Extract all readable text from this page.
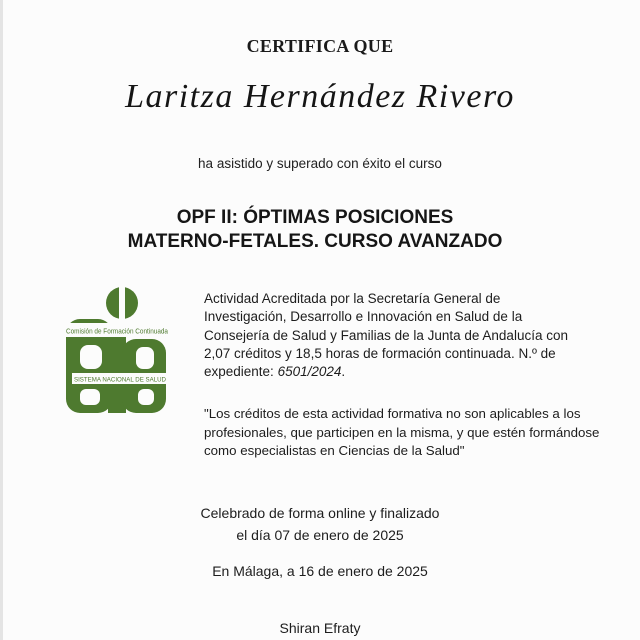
CERTIFICA QUE
Laritza Hernández Rivero
ha asistido y superado con éxito el curso
OPF II: ÓPTIMAS POSICIONES
MATERNO-FETALES. CURSO AVANZADO
Comisión de Formación Continuada
SISTEMA NACIONAL DE SALUD
Actividad Acreditada por la Secretaría General de Investigación, Desarrollo e Innovación en Salud de la Consejería de Salud y Familias de la Junta de Andalucía con 2,07 créditos y 18,5 horas de formación continuada. N.º de expediente: 6501/2024.
"Los créditos de esta actividad formativa no son aplicables a los profesionales, que participen en la misma, y que estén formándose como especialistas en Ciencias de la Salud"
Celebrado de forma online y finalizado
el día 07 de enero de 2025
En Málaga, a 16 de enero de 2025
Shiran Efraty
